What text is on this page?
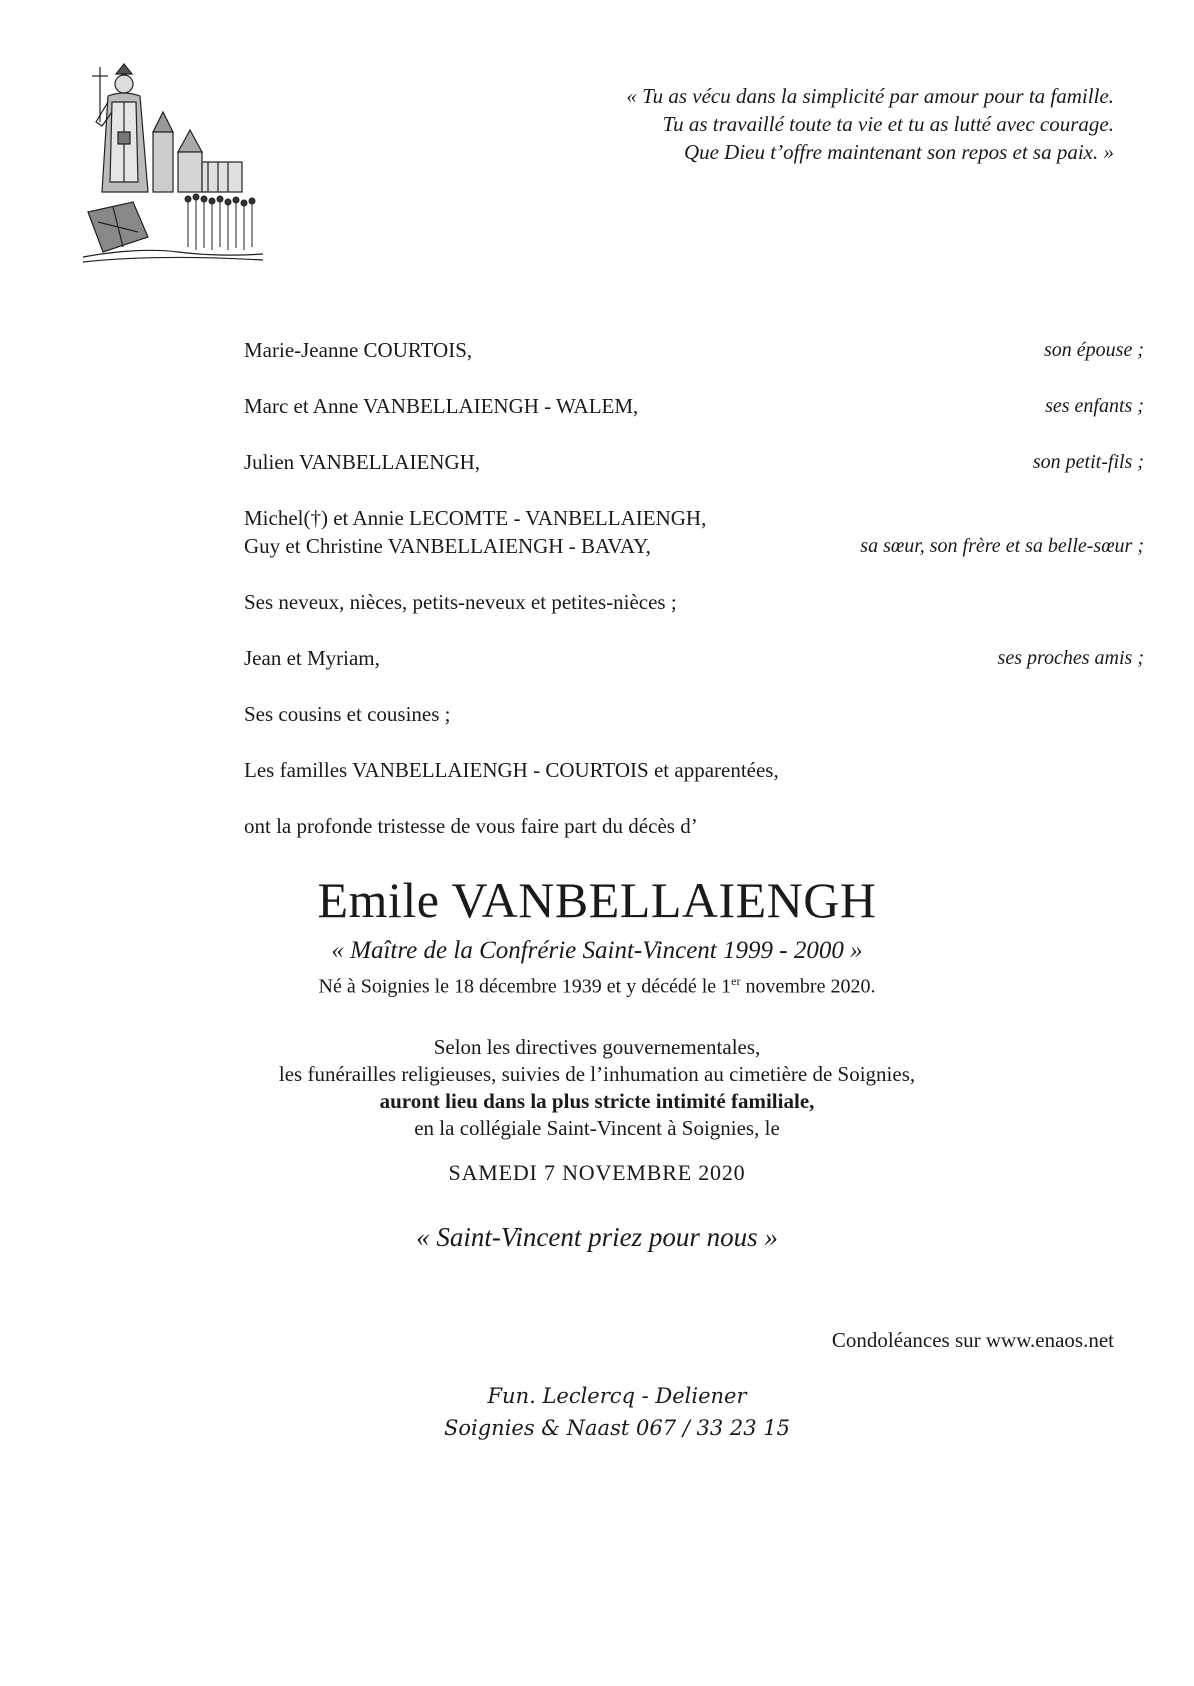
« Tu as vécu dans la simplicité par amour pour ta famille.
Tu as travaillé toute ta vie et tu as lutté avec courage.
Que Dieu t’offre maintenant son repos et sa paix. »
Marie-Jeanne COURTOIS,	son épouse ;
Marc et Anne VANBELLAIENGH - WALEM,	ses enfants ;
Julien VANBELLAIENGH,	son petit-fils ;
Michel(†) et Annie LECOMTE - VANBELLAIENGH,
Guy et Christine VANBELLAIENGH - BAVAY,	sa sœur, son frère et sa belle-sœur ;
Ses neveux, nièces, petits-neveux et petites-nièces ;
Jean et Myriam,	ses proches amis ;
Ses cousins et cousines ;
Les familles VANBELLAIENGH - COURTOIS et apparentées,
ont la profonde tristesse de vous faire part du décès d’
Emile VANBELLAIENGH
« Maître de la Confrérie Saint-Vincent 1999 - 2000 »
Né à Soignies le 18 décembre 1939 et y décédé le 1er novembre 2020.
Selon les directives gouvernementales,
les funérailles religieuses, suivies de l’inhumation au cimetière de Soignies,
auront lieu dans la plus stricte intimité familiale,
en la collégiale Saint-Vincent à Soignies, le
SAMEDI 7 NOVEMBRE 2020
« Saint-Vincent priez pour nous »
Condoléances sur www.enaos.net
Fun. Leclercq - Deliener
Soignies & Naast 067 / 33 23 15
